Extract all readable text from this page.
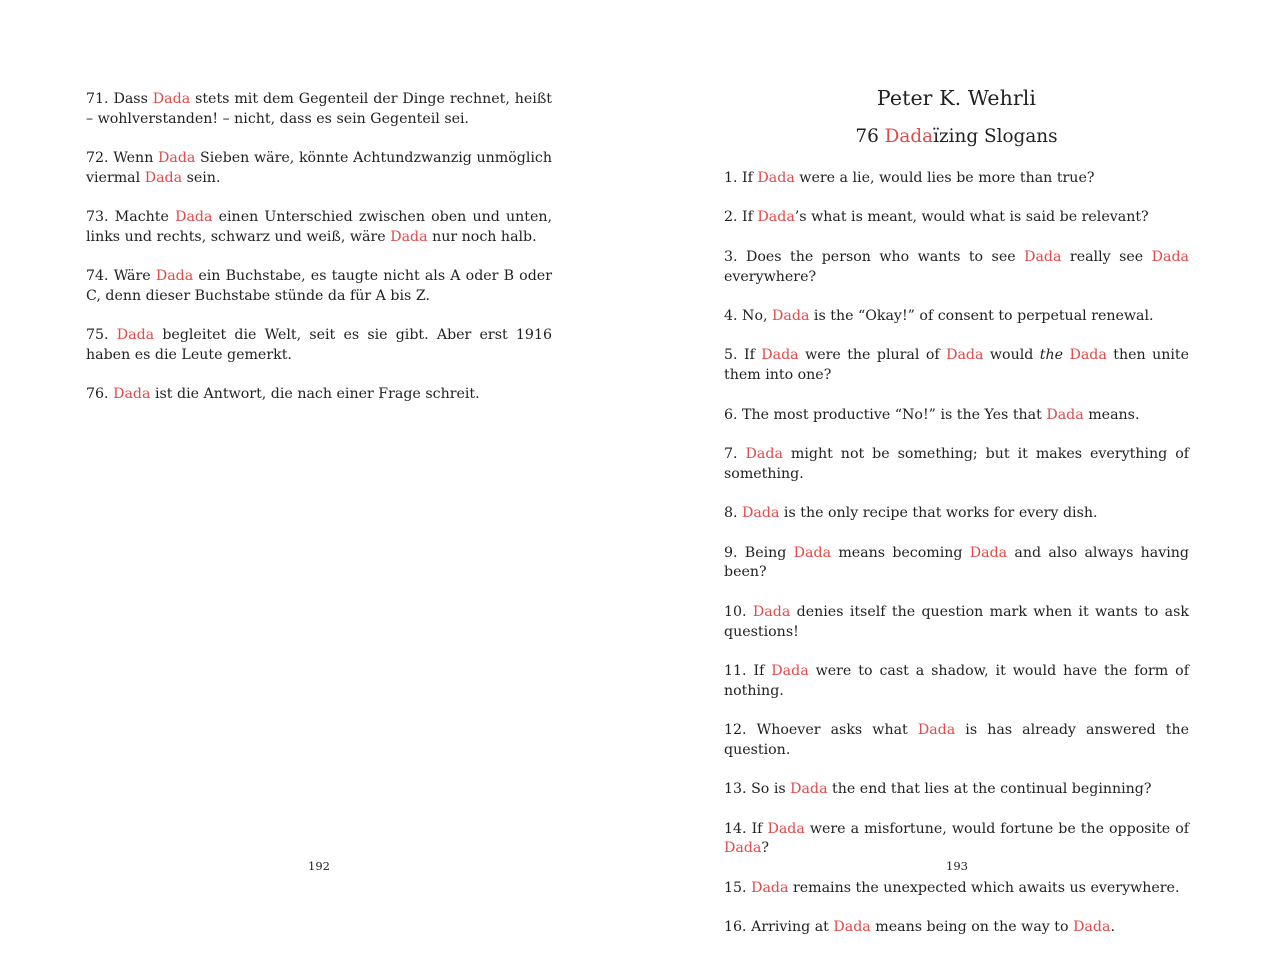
71. Dass Dada stets mit dem Gegenteil der Dinge rechnet, heißt – wohlverstanden! – nicht, dass es sein Gegenteil sei.
72. Wenn Dada Sieben wäre, könnte Achtundzwanzig unmöglich viermal Dada sein.
73. Machte Dada einen Unterschied zwischen oben und unten, links und rechts, schwarz und weiß, wäre Dada nur noch halb.
74. Wäre Dada ein Buchstabe, es taugte nicht als A oder B oder C, denn dieser Buchstabe stünde da für A bis Z.
75. Dada begleitet die Welt, seit es sie gibt. Aber erst 1916 haben es die Leute gemerkt.
76. Dada ist die Antwort, die nach einer Frage schreit.
192
Peter K. Wehrli
76 Dadaïzing Slogans
1. If Dada were a lie, would lies be more than true?
2. If Dada’s what is meant, would what is said be relevant?
3. Does the person who wants to see Dada really see Dada everywhere?
4. No, Dada is the “Okay!” of consent to perpetual renewal.
5. If Dada were the plural of Dada would the Dada then unite them into one?
6. The most productive “No!” is the Yes that Dada means.
7. Dada might not be something; but it makes everything of something.
8. Dada is the only recipe that works for every dish.
9. Being Dada means becoming Dada and also always having been?
10. Dada denies itself the question mark when it wants to ask questions!
11. If Dada were to cast a shadow, it would have the form of nothing.
12. Whoever asks what Dada is has already answered the question.
13. So is Dada the end that lies at the continual beginning?
14. If Dada were a misfortune, would fortune be the opposite of Dada?
15. Dada remains the unexpected which awaits us everywhere.
16. Arriving at Dada means being on the way to Dada.
193
